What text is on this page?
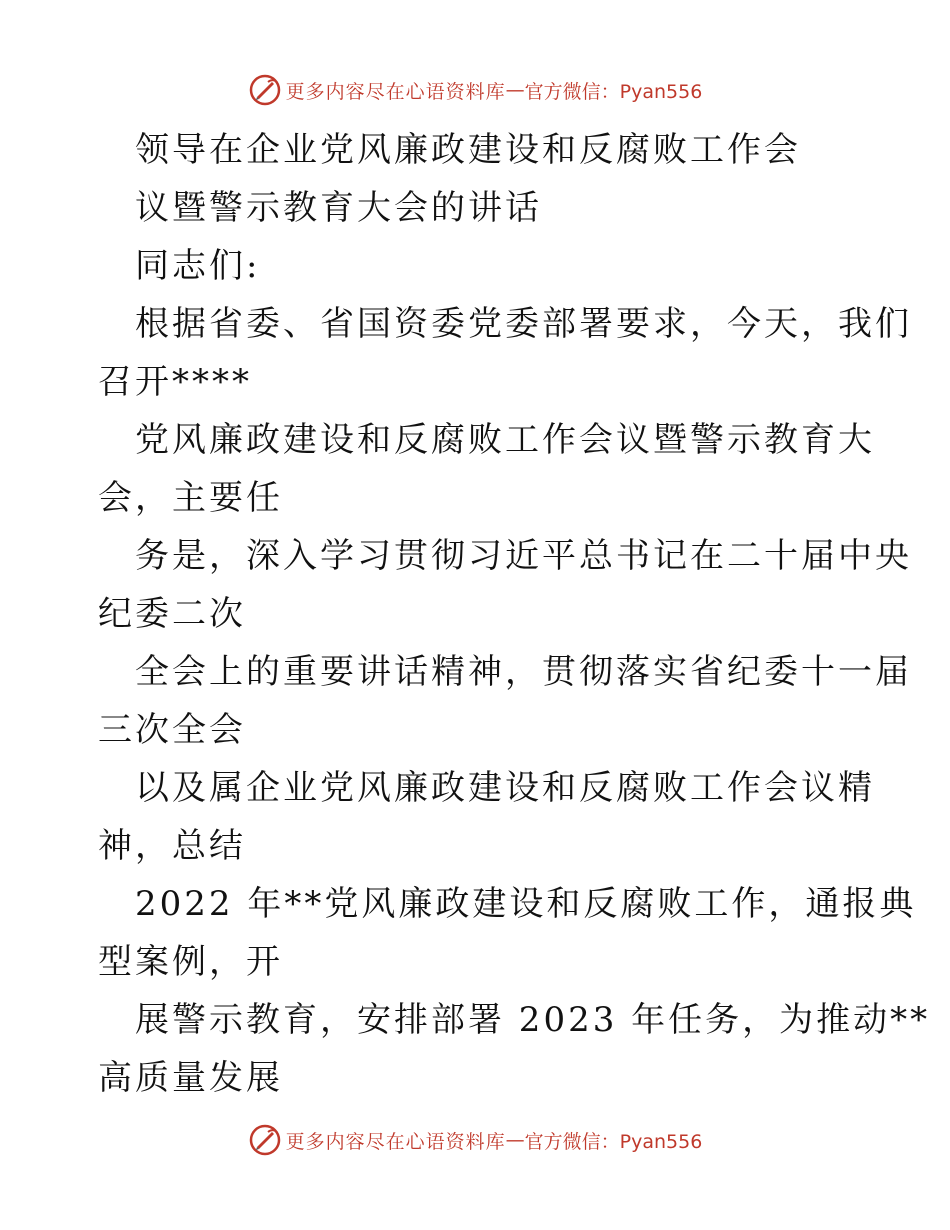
更多内容尽在心语资料库 — 官方微信：Pyan556
领导在企业党风廉政建设和反腐败工作会
议暨警示教育大会的讲话
同志们:
根据省委、省国资委党委部署要求，今天，我们
召开****
党风廉政建设和反腐败工作会议暨警示教育大
会，主要任
务是，深入学习贯彻习近平总书记在二十届中央
纪委二次
全会上的重要讲话精神，贯彻落实省纪委十一届
三次全会
以及属企业党风廉政建设和反腐败工作会议精
神，总结
2022 年**党风廉政建设和反腐败工作，通报典
型案例，开
展警示教育，安排部署 2023 年任务，为推动**
高质量发展
更多内容尽在心语资料库 — 官方微信：Pyan556
